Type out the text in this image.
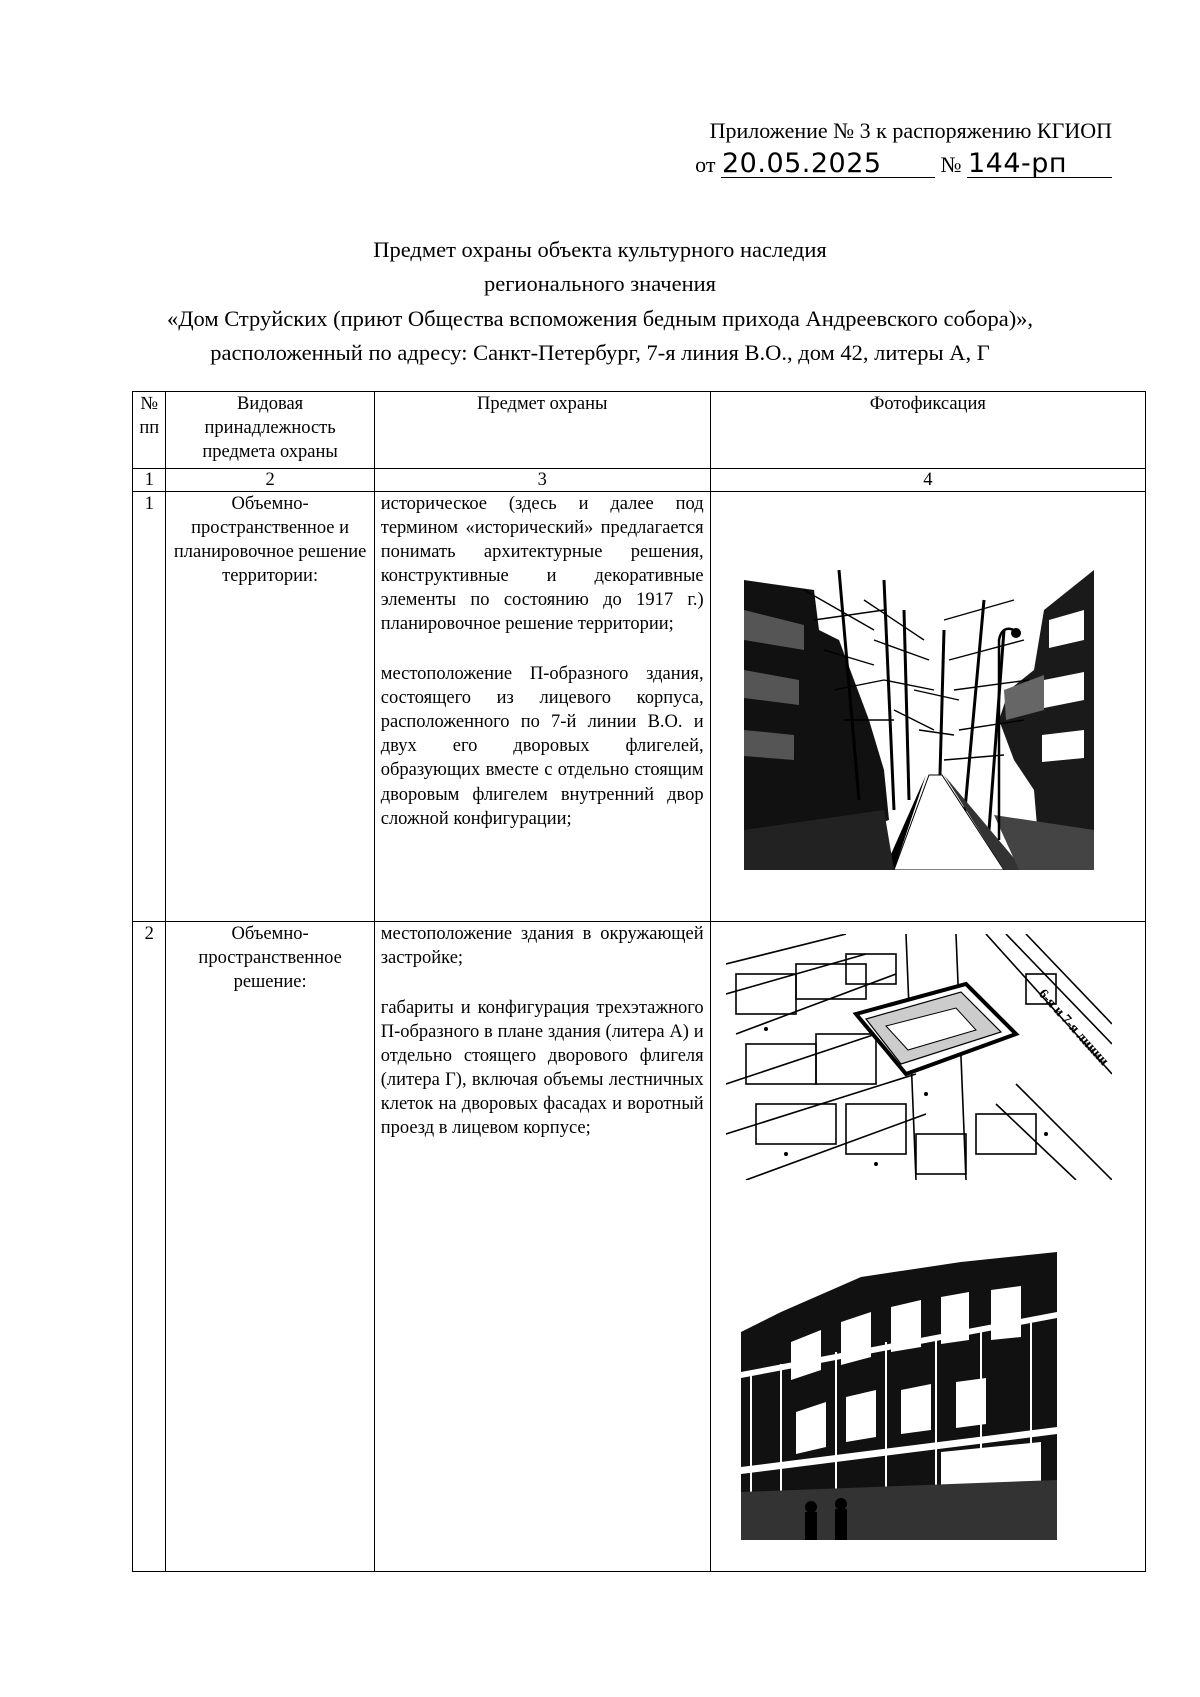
Приложение № 3 к распоряжению КГИОП
от 20.05.2025	№ 144-рп
Предмет охраны объекта культурного наследия
регионального значения
«Дом Струйских (приют Общества вспоможения бедным прихода Андреевского собора)»,
расположенный по адресу: Санкт-Петербург, 7-я линия В.О., дом 42, литеры А, Г
№ пп	Видовая принадлежность предмета охраны	Предмет охраны	Фотофиксация
1	2	3	4
1	Объемно-пространственное и планировочное решение территории:	историческое (здесь и далее под термином «исторический» предлагается понимать архитектурные решения, конструктивные и декоративные элементы по состоянию до 1917 г.) планировочное решение территории;

местоположение П-образного здания, состоящего из лицевого корпуса, расположенного по 7-й линии В.О. и двух его дворовых флигелей, образующих вместе с отдельно стоящим дворовым флигелем внутренний двор сложной конфигурации;

2	Объемно-пространственное решение:	местоположение здания в окружающей застройке;

габариты и конфигурация трехэтажного П-образного в плане здания (литера А) и отдельно стоящего дворового флигеля (литера Г), включая объемы лестничных клеток на дворовых фасадах и воротный проезд в лицевом корпусе;	6-я и 7-я линии
